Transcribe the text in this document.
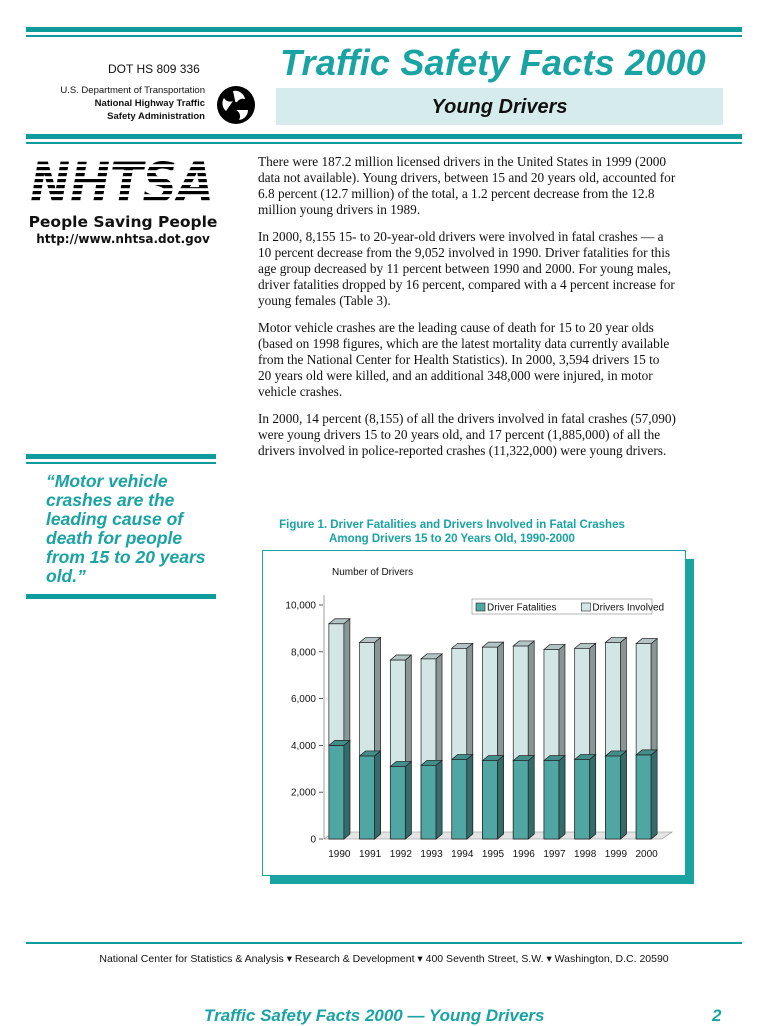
DOT HS 809 336
U.S. Department of Transportation
National Highway Traffic
Safety Administration
Traffic Safety Facts 2000
Young Drivers
NHTSA
People Saving People
http://www.nhtsa.dot.gov

There were 187.2 million licensed drivers in the United States in 1999 (2000 data not available). Young drivers, between 15 and 20 years old, accounted for 6.8 percent (12.7 million) of the total, a 1.2 percent decrease from the 12.8 million young drivers in 1989.

In 2000, 8,155 15- to 20-year-old drivers were involved in fatal crashes — a 10 percent decrease from the 9,052 involved in 1990. Driver fatalities for this age group decreased by 11 percent between 1990 and 2000. For young males, driver fatalities dropped by 16 percent, compared with a 4 percent increase for young females (Table 3).

Motor vehicle crashes are the leading cause of death for 15 to 20 year olds (based on 1998 figures, which are the latest mortality data currently available from the National Center for Health Statistics). In 2000, 3,594 drivers 15 to 20 years old were killed, and an additional 348,000 were injured, in motor vehicle crashes.

In 2000, 14 percent (8,155) of all the drivers involved in fatal crashes (57,090) were young drivers 15 to 20 years old, and 17 percent (1,885,000) of all the drivers involved in police-reported crashes (11,322,000) were young drivers.

“Motor vehicle crashes are the leading cause of death for people from 15 to 20 years old.”
Figure 1. Driver Fatalities and Drivers Involved in Fatal Crashes
Among Drivers 15 to 20 Years Old, 1990-2000
Number of Drivers
10,000
8,000
6,000
4,000
2,000
0
1990 1991 1992 1993 1994 1995 1996 1997 1998 1999 2000
Driver Fatalities	Drivers Involved
National Center for Statistics & Analysis ▾ Research & Development ▾ 400 Seventh Street, S.W. ▾ Washington, D.C. 20590
Traffic Safety Facts 2000 — Young Drivers	2
